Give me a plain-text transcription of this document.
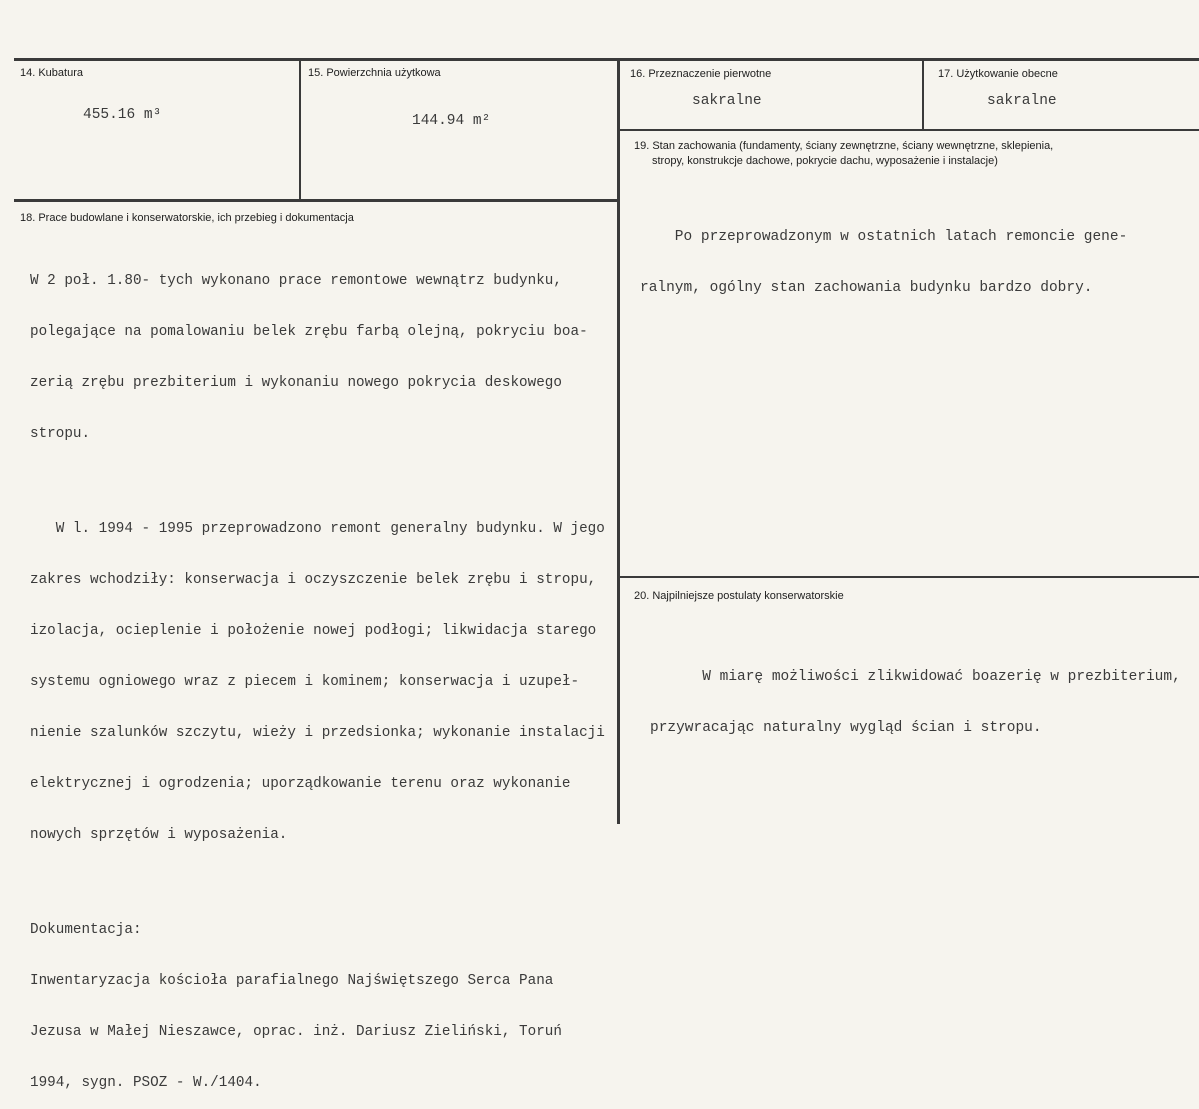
14. Kubatura
455.16 m³
15. Powierzchnia użytkowa
144.94 m²
16. Przeznaczenie pierwotne
sakralne
17. Użytkowanie obecne
sakralne
19. Stan zachowania (fundamenty, ściany zewnętrzne, ściany wewnętrzne, sklepienia,
stropy, konstrukcje dachowe, pokrycie dachu, wyposażenie i instalacje)

Po przeprowadzonym w ostatnich latach remoncie gene-

ralnym, ogólny stan zachowania budynku bardzo dobry.

18. Prace budowlane i konserwatorskie, ich przebieg i dokumentacja

W 2 poł. 1.80- tych wykonano prace remontowe wewnątrz budynku,

polegające na pomalowaniu belek zrębu farbą olejną, pokryciu boa-

zerią zrębu prezbiterium i wykonaniu nowego pokrycia deskowego

stropu.

W l. 1994 - 1995 przeprowadzono remont generalny budynku. W jego

zakres wchodziły: konserwacja i oczyszczenie belek zrębu i stropu,

izolacja, ocieplenie i położenie nowej podłogi; likwidacja starego

systemu ogniowego wraz z piecem i kominem; konserwacja i uzupeł-

nienie szalunków szczytu, wieży i przedsionka; wykonanie instalacji

elektrycznej i ogrodzenia; uporządkowanie terenu oraz wykonanie

nowych sprzętów i wyposażenia.

Dokumentacja:

Inwentaryzacja kościoła parafialnego Najświętszego Serca Pana

Jezusa w Małej Nieszawce, oprac. inż. Dariusz Zieliński, Toruń

1994, sygn. PSOZ - W./1404.

20. Najpilniejsze postulaty konserwatorskie

W miarę możliwości zlikwidować boazerię w prezbiterium,

przywracając naturalny wygląd ścian i stropu.
